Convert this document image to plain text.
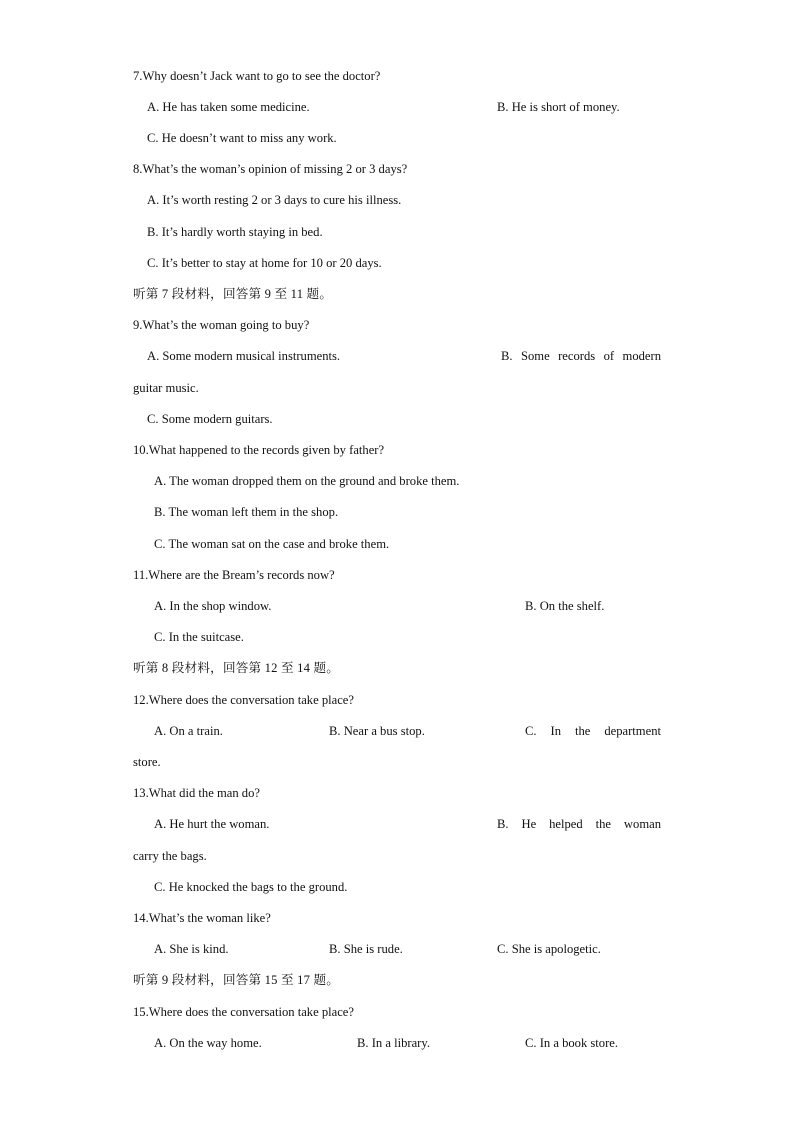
7.Why doesn’t Jack want to go to see the doctor?
A. He has taken some medicine.	B. He is short of money.
C. He doesn’t want to miss any work.
8.What’s the woman’s opinion of missing 2 or 3 days?
A. It’s worth resting 2 or 3 days to cure his illness.
B. It’s hardly worth staying in bed.
C. It’s better to stay at home for 10 or 20 days.
听第 7 段材料，回答第 9 至 11 题。
9.What’s the woman going to buy?
A. Some modern musical instruments.	B. Some records of modern
guitar music.
C. Some modern guitars.
10.What happened to the records given by father?
A. The woman dropped them on the ground and broke them.
B. The woman left them in the shop.
C. The woman sat on the case and broke them.
11.Where are the Bream’s records now?
A. In the shop window.	B. On the shelf.
C. In the suitcase.
听第 8 段材料，回答第 12 至 14 题。
12.Where does the conversation take place?
A. On a train.	B. Near a bus stop.	C. In the department
store.
13.What did the man do?
A. He hurt the woman.	B. He helped the woman
carry the bags.
C. He knocked the bags to the ground.
14.What’s the woman like?
A. She is kind.	B. She is rude.	C. She is apologetic.
听第 9 段材料，回答第 15 至 17 题。
15.Where does the conversation take place?
A. On the way home.	B. In a library.	C. In a book store.
